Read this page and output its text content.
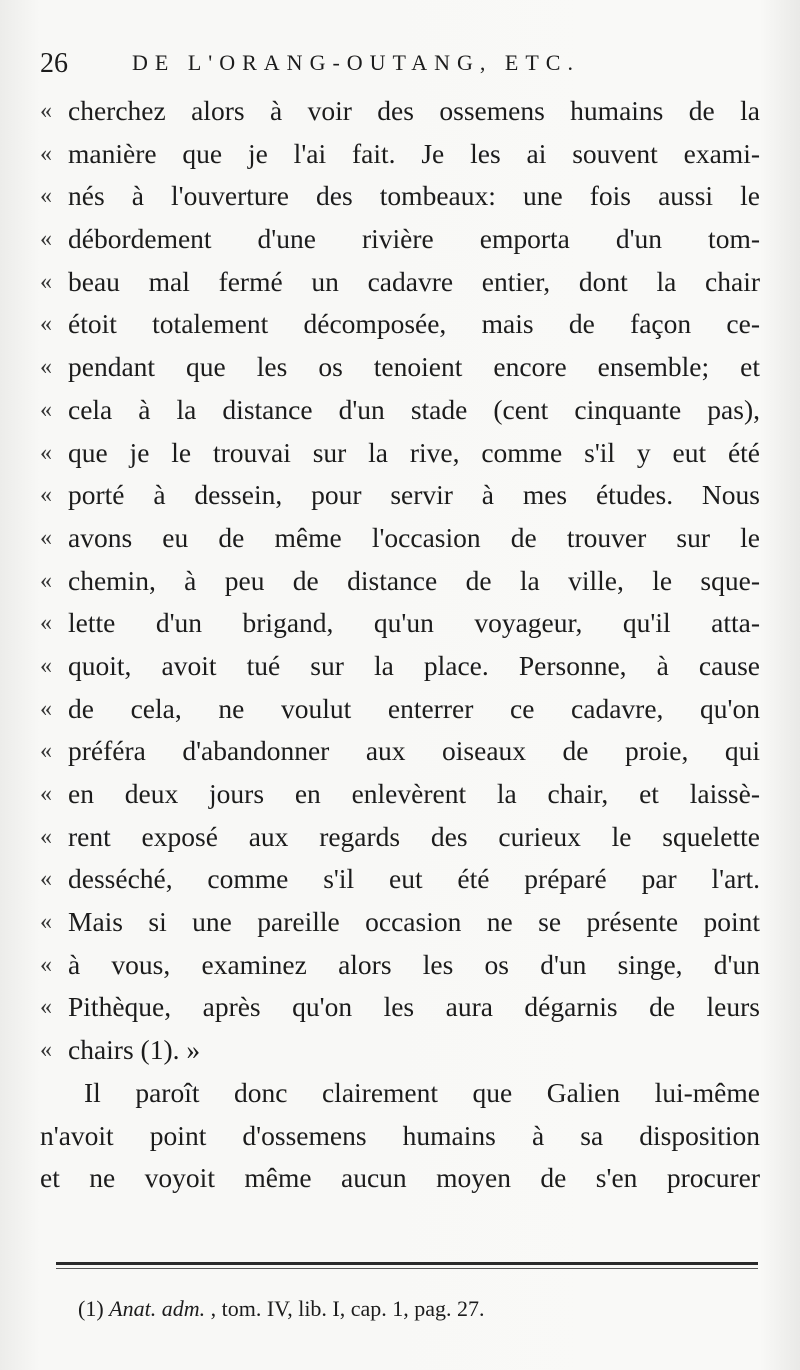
26	DE L'ORANG-OUTANG, ETC.
« cherchez alors à voir des ossemens humains de la
« manière que je l'ai fait. Je les ai souvent exami-
« nés à l'ouverture des tombeaux: une fois aussi le
« débordement d'une rivière emporta d'un tom-
« beau mal fermé un cadavre entier, dont la chair
« étoit totalement décomposée, mais de façon ce-
« pendant que les os tenoient encore ensemble; et
« cela à la distance d'un stade (cent cinquante pas),
« que je le trouvai sur la rive, comme s'il y eut été
« porté à dessein, pour servir à mes études. Nous
« avons eu de même l'occasion de trouver sur le
« chemin, à peu de distance de la ville, le sque-
« lette d'un brigand, qu'un voyageur, qu'il atta-
« quoit, avoit tué sur la place. Personne, à cause
« de cela, ne voulut enterrer ce cadavre, qu'on
« préféra d'abandonner aux oiseaux de proie, qui
« en deux jours en enlevèrent la chair, et laissè-
« rent exposé aux regards des curieux le squelette
« desséché, comme s'il eut été préparé par l'art.
« Mais si une pareille occasion ne se présente point
« à vous, examinez alors les os d'un singe, d'un
« Pithèque, après qu'on les aura dégarnis de leurs
« chairs (1). »
Il paroît donc clairement que Galien lui-même
n'avoit point d'ossemens humains à sa disposition
et ne voyoit même aucun moyen de s'en procurer
(1) Anat. adm. , tom. IV, lib. I, cap. 1, pag. 27.
